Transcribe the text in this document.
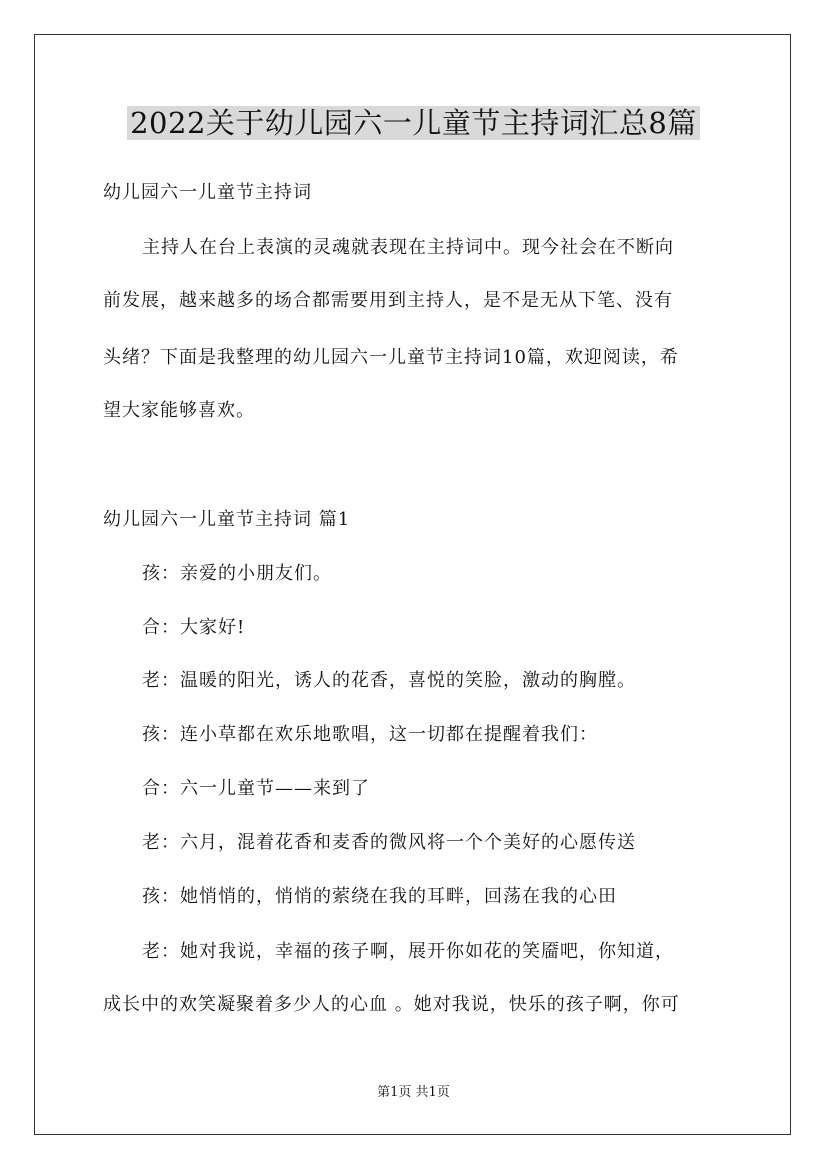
2022关于幼儿园六一儿童节主持词汇总8篇
幼儿园六一儿童节主持词
主持人在台上表演的灵魂就表现在主持词中。现今社会在不断向
前发展，越来越多的场合都需要用到主持人，是不是无从下笔、没有
头绪？下面是我整理的幼儿园六一儿童节主持词10篇，欢迎阅读，希
望大家能够喜欢。
幼儿园六一儿童节主持词 篇1
孩：亲爱的小朋友们。
合：大家好!
老：温暖的阳光，诱人的花香，喜悦的笑脸，激动的胸膛。
孩：连小草都在欢乐地歌唱，这一切都在提醒着我们：
合：六一儿童节——来到了
老：六月，混着花香和麦香的微风将一个个美好的心愿传送
孩：她悄悄的，悄悄的萦绕在我的耳畔，回荡在我的心田
老：她对我说，幸福的孩子啊，展开你如花的笑靥吧，你知道，
成长中的欢笑凝聚着多少人的心血 。她对我说，快乐的孩子啊，你可
第1页 共1页
